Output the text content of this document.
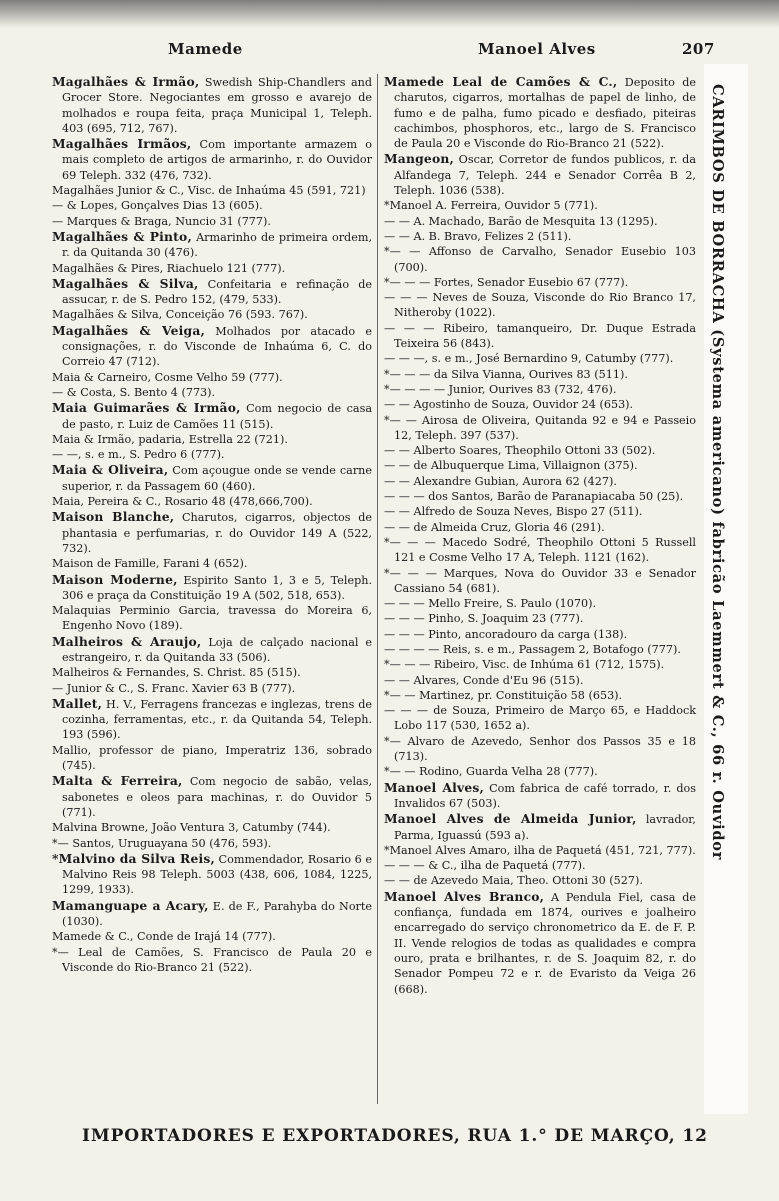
Mamede	Manoel Alves	207

Magalhães & Irmão, Swedish Ship-Chandlers and Grocer Store. Negociantes em grosso e avarejo de molhados e roupa feita, praça Municipal 1, Teleph. 403 (695, 712, 767).

Magalhães Irmãos, Com importante armazem o mais completo de artigos de armarinho, r. do Ouvidor 69 Teleph. 332 (476, 732).

Magalhães Junior & C., Visc. de Inhaúma 45 (591, 721)

— & Lopes, Gonçalves Dias 13 (605).

— Marques & Braga, Nuncio 31 (777).

Magalhães & Pinto, Armarinho de primeira ordem, r. da Quitanda 30 (476).

Magalhães & Pires, Riachuelo 121 (777).

Magalhães & Silva, Confeitaria e refinação de assucar, r. de S. Pedro 152, (479, 533).

Magalhães & Silva, Conceição 76 (593. 767).

Magalhães & Veiga, Molhados por atacado e consignações, r. do Visconde de Inhaúma 6, C. do Correio 47 (712).

Maia & Carneiro, Cosme Velho 59 (777).

— & Costa, S. Bento 4 (773).

Maia Guimarães & Irmão, Com negocio de casa de pasto, r. Luiz de Camões 11 (515).

Maia & Irmão, padaria, Estrella 22 (721).

— —, s. e m., S. Pedro 6 (777).

Maia & Oliveira, Com açougue onde se vende carne superior, r. da Passagem 60 (460).

Maia, Pereira & C., Rosario 48 (478,666,700).

Maison Blanche, Charutos, cigarros, objectos de phantasia e perfumarias, r. do Ouvidor 149 A (522, 732).

Maison de Famille, Farani 4 (652).

Maison Moderne, Espirito Santo 1, 3 e 5, Teleph. 306 e praça da Constituição 19 A (502, 518, 653).

Malaquias Perminio Garcia, travessa do Moreira 6, Engenho Novo (189).

Malheiros & Araujo, Loja de calçado nacional e estrangeiro, r. da Quitanda 33 (506).

Malheiros & Fernandes, S. Christ. 85 (515).

— Junior & C., S. Franc. Xavier 63 B (777).

Mallet, H. V., Ferragens francezas e inglezas, trens de cozinha, ferramentas, etc., r. da Quitanda 54, Teleph. 193 (596).

Mallio, professor de piano, Imperatriz 136, sobrado (745).

Malta & Ferreira, Com negocio de sabão, velas, sabonetes e oleos para machinas, r. do Ouvidor 5 (771).

Malvina Browne, João Ventura 3, Catumby (744).

*— Santos, Uruguayana 50 (476, 593).

*Malvino da Silva Reis, Commendador, Rosario 6 e Malvino Reis 98 Teleph. 5003 (438, 606, 1084, 1225, 1299, 1933).

Mamanguape a Acary, E. de F., Parahyba do Norte (1030).

Mamede & C., Conde de Irajá 14 (777).

*— Leal de Camões, S. Francisco de Paula 20 e Visconde do Rio-Branco 21 (522).

Mamede Leal de Camões & C., Deposito de charutos, cigarros, mortalhas de papel de linho, de fumo e de palha, fumo picado e desfiado, piteiras cachimbos, phosphoros, etc., largo de S. Francisco de Paula 20 e Visconde do Rio-Branco 21 (522).

Mangeon, Oscar, Corretor de fundos publicos, r. da Alfandega 7, Teleph. 244 e Senador Corrêa B 2, Teleph. 1036 (538).

*Manoel A. Ferreira, Ouvidor 5 (771).

— — A. Machado, Barão de Mesquita 13 (1295).

— — A. B. Bravo, Felizes 2 (511).

*— — Affonso de Carvalho, Senador Eusebio 103 (700).

*— — — Fortes, Senador Eusebio 67 (777).

— — — Neves de Souza, Visconde do Rio Branco 17, Nitheroby (1022).

— — — Ribeiro, tamanqueiro, Dr. Duque Estrada Teixeira 56 (843).

— — —, s. e m., José Bernardino 9, Catumby (777).

*— — — da Silva Vianna, Ourives 83 (511).

*— — — — Junior, Ourives 83 (732, 476).

— — Agostinho de Souza, Ouvidor 24 (653).

*— — Airosa de Oliveira, Quitanda 92 e 94 e Passeio 12, Teleph. 397 (537).

— — Alberto Soares, Theophilo Ottoni 33 (502).

— — de Albuquerque Lima, Villaignon (375).

— — Alexandre Gubian, Aurora 62 (427).

— — — dos Santos, Barão de Paranapiacaba 50 (25).

— — Alfredo de Souza Neves, Bispo 27 (511).

— — de Almeida Cruz, Gloria 46 (291).

*— — — Macedo Sodré, Theophilo Ottoni 5 Russell 121 e Cosme Velho 17 A, Teleph. 1121 (162).

*— — — Marques, Nova do Ouvidor 33 e Senador Cassiano 54 (681).

— — — Mello Freire, S. Paulo (1070).

— — — Pinho, S. Joaquim 23 (777).

— — — Pinto, ancoradouro da carga (138).

— — — — Reis, s. e m., Passagem 2, Botafogo (777).

*— — — Ribeiro, Visc. de Inhúma 61 (712, 1575).

— — Alvares, Conde d'Eu 96 (515).

*— — Martinez, pr. Constituição 58 (653).

— — — de Souza, Primeiro de Março 65, e Haddock Lobo 117 (530, 1652 a).

*— Alvaro de Azevedo, Senhor dos Passos 35 e 18 (713).

*— — Rodino, Guarda Velha 28 (777).

Manoel Alves, Com fabrica de café torrado, r. dos Invalidos 67 (503).

Manoel Alves de Almeida Junior, lavrador, Parma, Iguassú (593 a).

*Manoel Alves Amaro, ilha de Paquetá (451, 721, 777).

— — — & C., ilha de Paquetá (777).

— — de Azevedo Maia, Theo. Ottoni 30 (527).

Manoel Alves Branco, A Pendula Fiel, casa de confiança, fundada em 1874, ourives e joalheiro encarregado do serviço chronometrico da E. de F. P. II. Vende relogios de todas as qualidades e compra ouro, prata e brilhantes, r. de S. Joaquim 82, r. do Senador Pompeu 72 e r. de Evaristo da Veiga 26 (668).

CARIMBOS DE BORRACHA (Systema americano) fabricão Laemmert & C., 66 r. Ouvidor
IMPORTADORES E EXPORTADORES, RUA 1.° DE MARÇO, 12
